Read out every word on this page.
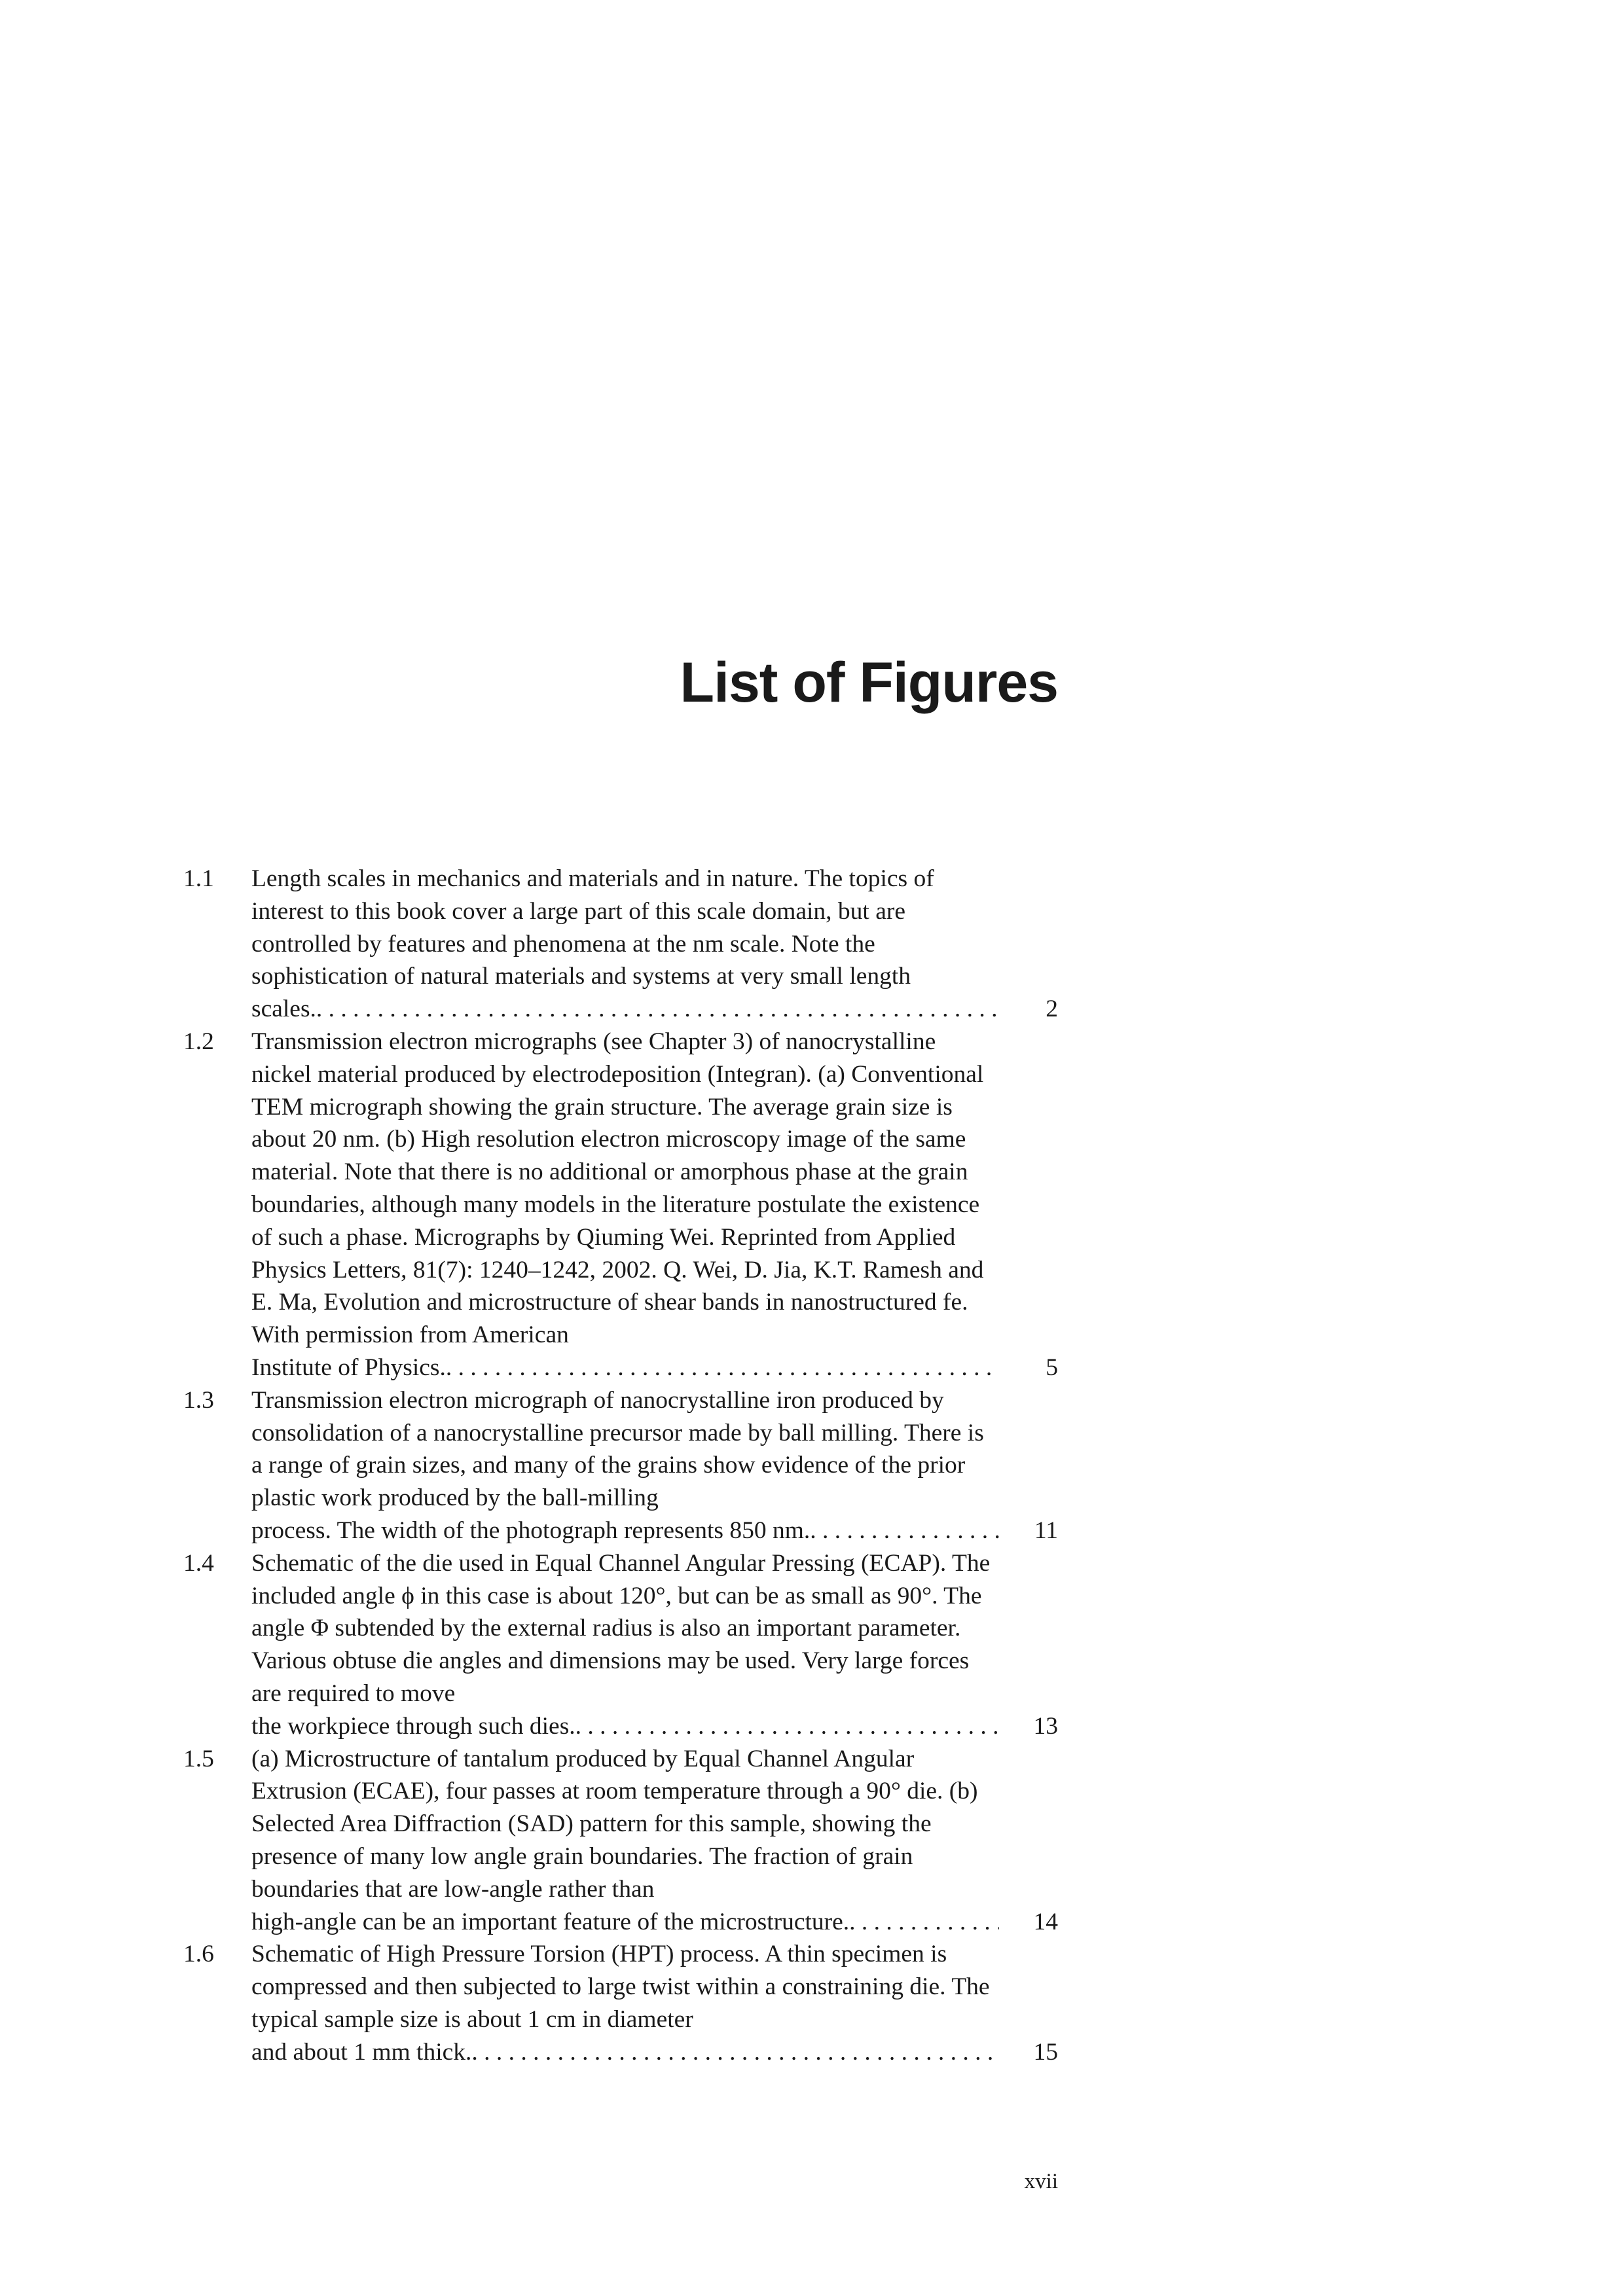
List of Figures
1.1 Length scales in mechanics and materials and in nature. The topics of interest to this book cover a large part of this scale domain, but are controlled by features and phenomena at the nm scale. Note the sophistication of natural materials and systems at very small length
scales. . . .	2
1.2 Transmission electron micrographs (see Chapter 3) of nanocrystalline nickel material produced by electrodeposition (Integran). (a) Conventional TEM micrograph showing the grain structure. The average grain size is about 20 nm. (b) High resolution electron microscopy image of the same material. Note that there is no additional or amorphous phase at the grain boundaries, although many models in the literature postulate the existence of such a phase. Micrographs by Qiuming Wei. Reprinted from Applied Physics Letters, 81(7): 1240–1242, 2002. Q. Wei, D. Jia, K.T. Ramesh and E. Ma, Evolution and microstructure of shear bands in nanostructured fe. With permission from American
Institute of Physics. . . .	5
1.3 Transmission electron micrograph of nanocrystalline iron produced by consolidation of a nanocrystalline precursor made by ball milling. There is a range of grain sizes, and many of the grains show evidence of the prior plastic work produced by the ball-milling
process. The width of the photograph represents 850 nm. . . .	11
1.4 Schematic of the die used in Equal Channel Angular Pressing (ECAP). The included angle ϕ in this case is about 120°, but can be as small as 90°. The angle Φ subtended by the external radius is also an important parameter. Various obtuse die angles and dimensions may be used. Very large forces are required to move
the workpiece through such dies. . . .	13
1.5 (a) Microstructure of tantalum produced by Equal Channel Angular Extrusion (ECAE), four passes at room temperature through a 90° die. (b) Selected Area Diffraction (SAD) pattern for this sample, showing the presence of many low angle grain boundaries. The fraction of grain boundaries that are low-angle rather than
high-angle can be an important feature of the microstructure. . . .	14
1.6 Schematic of High Pressure Torsion (HPT) process. A thin specimen is compressed and then subjected to large twist within a constraining die. The typical sample size is about 1 cm in diameter
and about 1 mm thick. . . .	15

xvii
